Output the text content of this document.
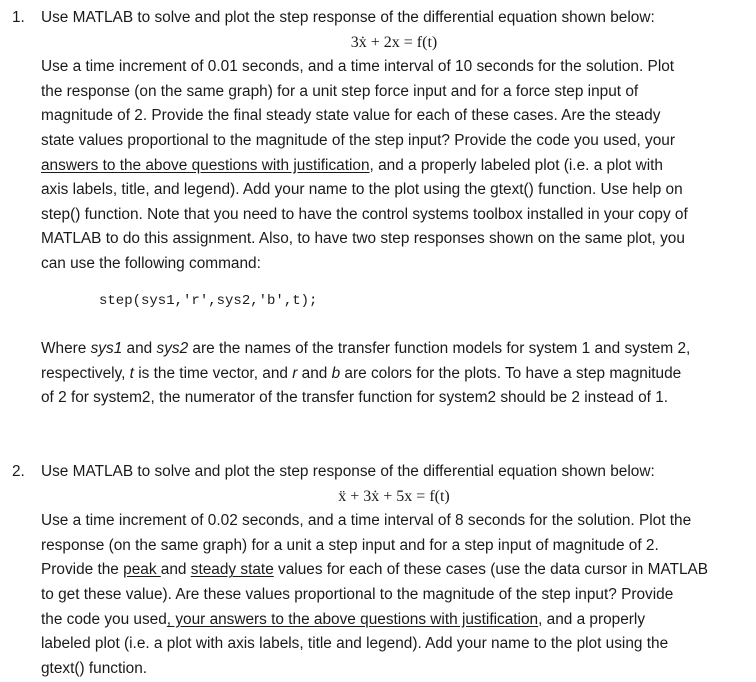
1. Use MATLAB to solve and plot the step response of the differential equation shown below:
3ẋ + 2x = f(t)
Use a time increment of 0.01 seconds, and a time interval of 10 seconds for the solution. Plot
the response (on the same graph) for a unit step force input and for a force step input of
magnitude of 2. Provide the final steady state value for each of these cases. Are the steady
state values proportional to the magnitude of the step input? Provide the code you used, your
answers to the above questions with justification, and a properly labeled plot (i.e. a plot with
axis labels, title, and legend). Add your name to the plot using the gtext() function. Use help on
step() function. Note that you need to have the control systems toolbox installed in your copy of
MATLAB to do this assignment. Also, to have two step responses shown on the same plot, you
can use the following command:
step(sys1,'r',sys2,'b',t);
Where sys1 and sys2 are the names of the transfer function models for system 1 and system 2,
respectively, t is the time vector, and r and b are colors for the plots. To have a step magnitude
of 2 for system2, the numerator of the transfer function for system2 should be 2 instead of 1.
2. Use MATLAB to solve and plot the step response of the differential equation shown below:
ẍ + 3ẋ + 5x = f(t)
Use a time increment of 0.02 seconds, and a time interval of 8 seconds for the solution. Plot the
response (on the same graph) for a unit a step input and for a step input of magnitude of 2.
Provide the peak and steady state values for each of these cases (use the data cursor in MATLAB
to get these value). Are these values proportional to the magnitude of the step input? Provide
the code you used, your answers to the above questions with justification, and a properly
labeled plot (i.e. a plot with axis labels, title and legend). Add your name to the plot using the
gtext() function.
